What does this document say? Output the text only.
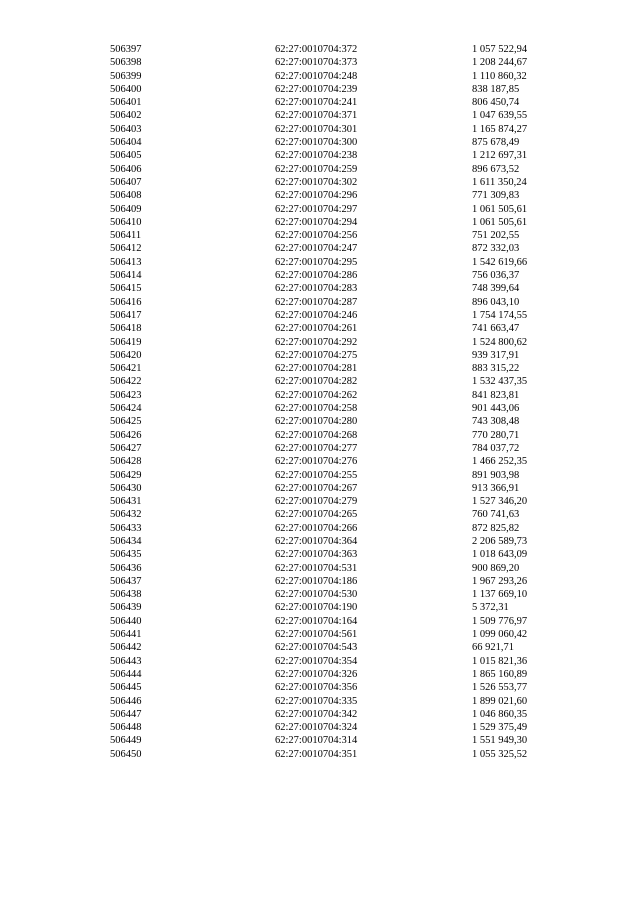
506397	62:27:0010704:372	1 057 522,94
506398	62:27:0010704:373	1 208 244,67
506399	62:27:0010704:248	1 110 860,32
506400	62:27:0010704:239	838 187,85
506401	62:27:0010704:241	806 450,74
506402	62:27:0010704:371	1 047 639,55
506403	62:27:0010704:301	1 165 874,27
506404	62:27:0010704:300	875 678,49
506405	62:27:0010704:238	1 212 697,31
506406	62:27:0010704:259	896 673,52
506407	62:27:0010704:302	1 611 350,24
506408	62:27:0010704:296	771 309,83
506409	62:27:0010704:297	1 061 505,61
506410	62:27:0010704:294	1 061 505,61
506411	62:27:0010704:256	751 202,55
506412	62:27:0010704:247	872 332,03
506413	62:27:0010704:295	1 542 619,66
506414	62:27:0010704:286	756 036,37
506415	62:27:0010704:283	748 399,64
506416	62:27:0010704:287	896 043,10
506417	62:27:0010704:246	1 754 174,55
506418	62:27:0010704:261	741 663,47
506419	62:27:0010704:292	1 524 800,62
506420	62:27:0010704:275	939 317,91
506421	62:27:0010704:281	883 315,22
506422	62:27:0010704:282	1 532 437,35
506423	62:27:0010704:262	841 823,81
506424	62:27:0010704:258	901 443,06
506425	62:27:0010704:280	743 308,48
506426	62:27:0010704:268	770 280,71
506427	62:27:0010704:277	784 037,72
506428	62:27:0010704:276	1 466 252,35
506429	62:27:0010704:255	891 903,98
506430	62:27:0010704:267	913 366,91
506431	62:27:0010704:279	1 527 346,20
506432	62:27:0010704:265	760 741,63
506433	62:27:0010704:266	872 825,82
506434	62:27:0010704:364	2 206 589,73
506435	62:27:0010704:363	1 018 643,09
506436	62:27:0010704:531	900 869,20
506437	62:27:0010704:186	1 967 293,26
506438	62:27:0010704:530	1 137 669,10
506439	62:27:0010704:190	5 372,31
506440	62:27:0010704:164	1 509 776,97
506441	62:27:0010704:561	1 099 060,42
506442	62:27:0010704:543	66 921,71
506443	62:27:0010704:354	1 015 821,36
506444	62:27:0010704:326	1 865 160,89
506445	62:27:0010704:356	1 526 553,77
506446	62:27:0010704:335	1 899 021,60
506447	62:27:0010704:342	1 046 860,35
506448	62:27:0010704:324	1 529 375,49
506449	62:27:0010704:314	1 551 949,30
506450	62:27:0010704:351	1 055 325,52
